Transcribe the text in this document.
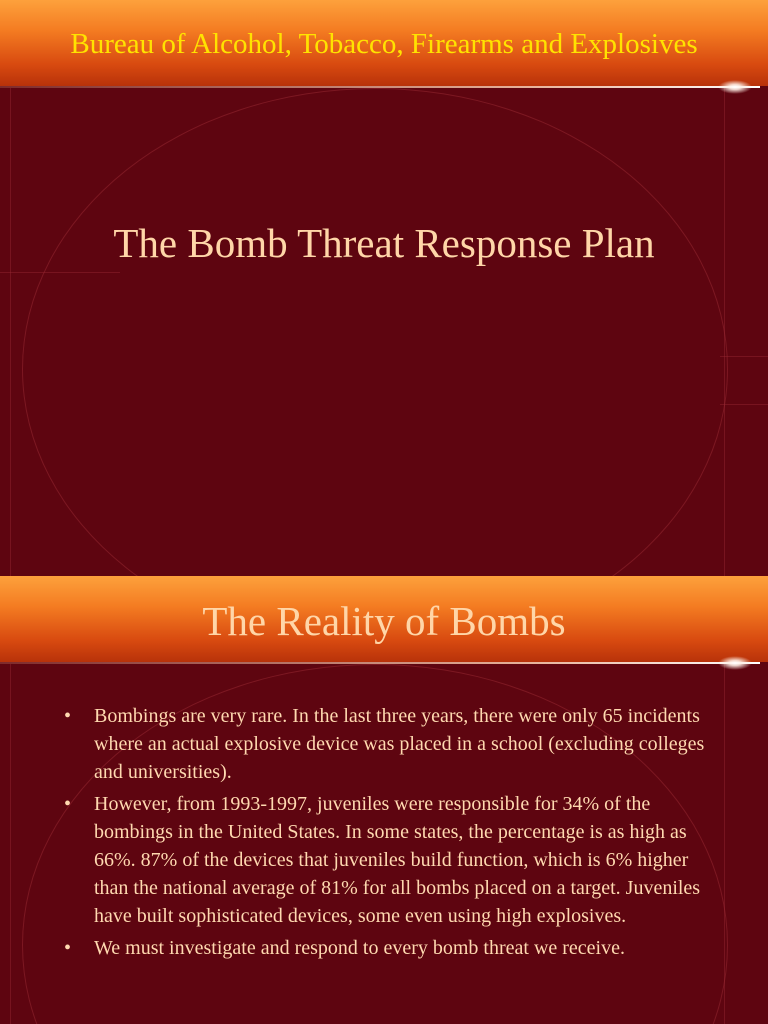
Bureau of Alcohol, Tobacco, Firearms and Explosives
The Bomb Threat Response Plan
The Reality of Bombs
• Bombings are very rare. In the last three years, there were only 65 incidents where an actual explosive device was placed in a school (excluding colleges and universities).
• However, from 1993-1997, juveniles were responsible for 34% of the bombings in the United States. In some states, the percentage is as high as 66%. 87% of the devices that juveniles build function, which is 6% higher than the national average of 81% for all bombs placed on a target. Juveniles have built sophisticated devices, some even using high explosives.
• We must investigate and respond to every bomb threat we receive.
